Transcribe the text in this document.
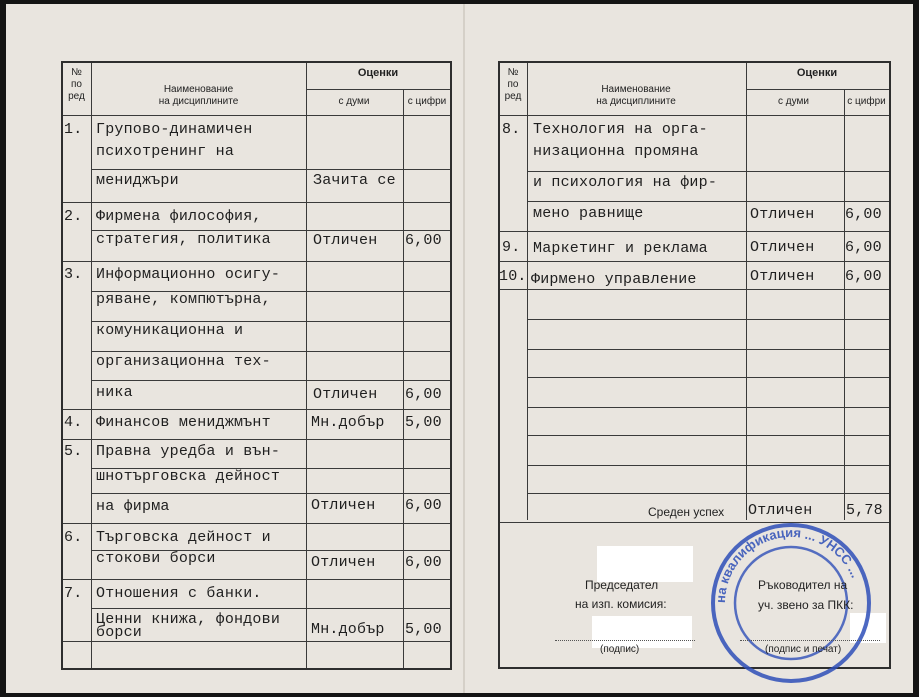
№
по
ред
Наименование
на дисциплините
Оценки
с думи	с цифри
№
по
ред
Наименование
на дисциплините
Оценки
с думи	с цифри
1. Групово-динамичен
психотренинг на
мениджъри	Зачита се
2. Фирмена философия,
стратегия, политика	Отличен 6,00
3. Информационно осигу-
ряване, компютърна,
комуникационна и
организационна тех-
ника	Отличен 6,00
4. Финансов мениджмънт	Мн.добър 5,00
5. Правна уредба и вън-
шнотърговска дейност
на фирма	Отличен 6,00
6. Търговска дейност и
стокови борси	Отличен 6,00
7. Отношения с банки.
Ценни книжа, фондови
борси	Мн.добър 5,00
8. Технология на орга-
низационна промяна
и психология на фир-
мено равнище	Отличен 6,00
9. Маркетинг и реклама	Отличен 6,00
10. Фирмено управление	Отличен 6,00
Среден успех Отличен 5,78
на квалификация ... УНСС ...
Председател
на изп. комисия:
(подпис)
Ръководител на
уч. звено за ПКК:
(подпис и печат)
